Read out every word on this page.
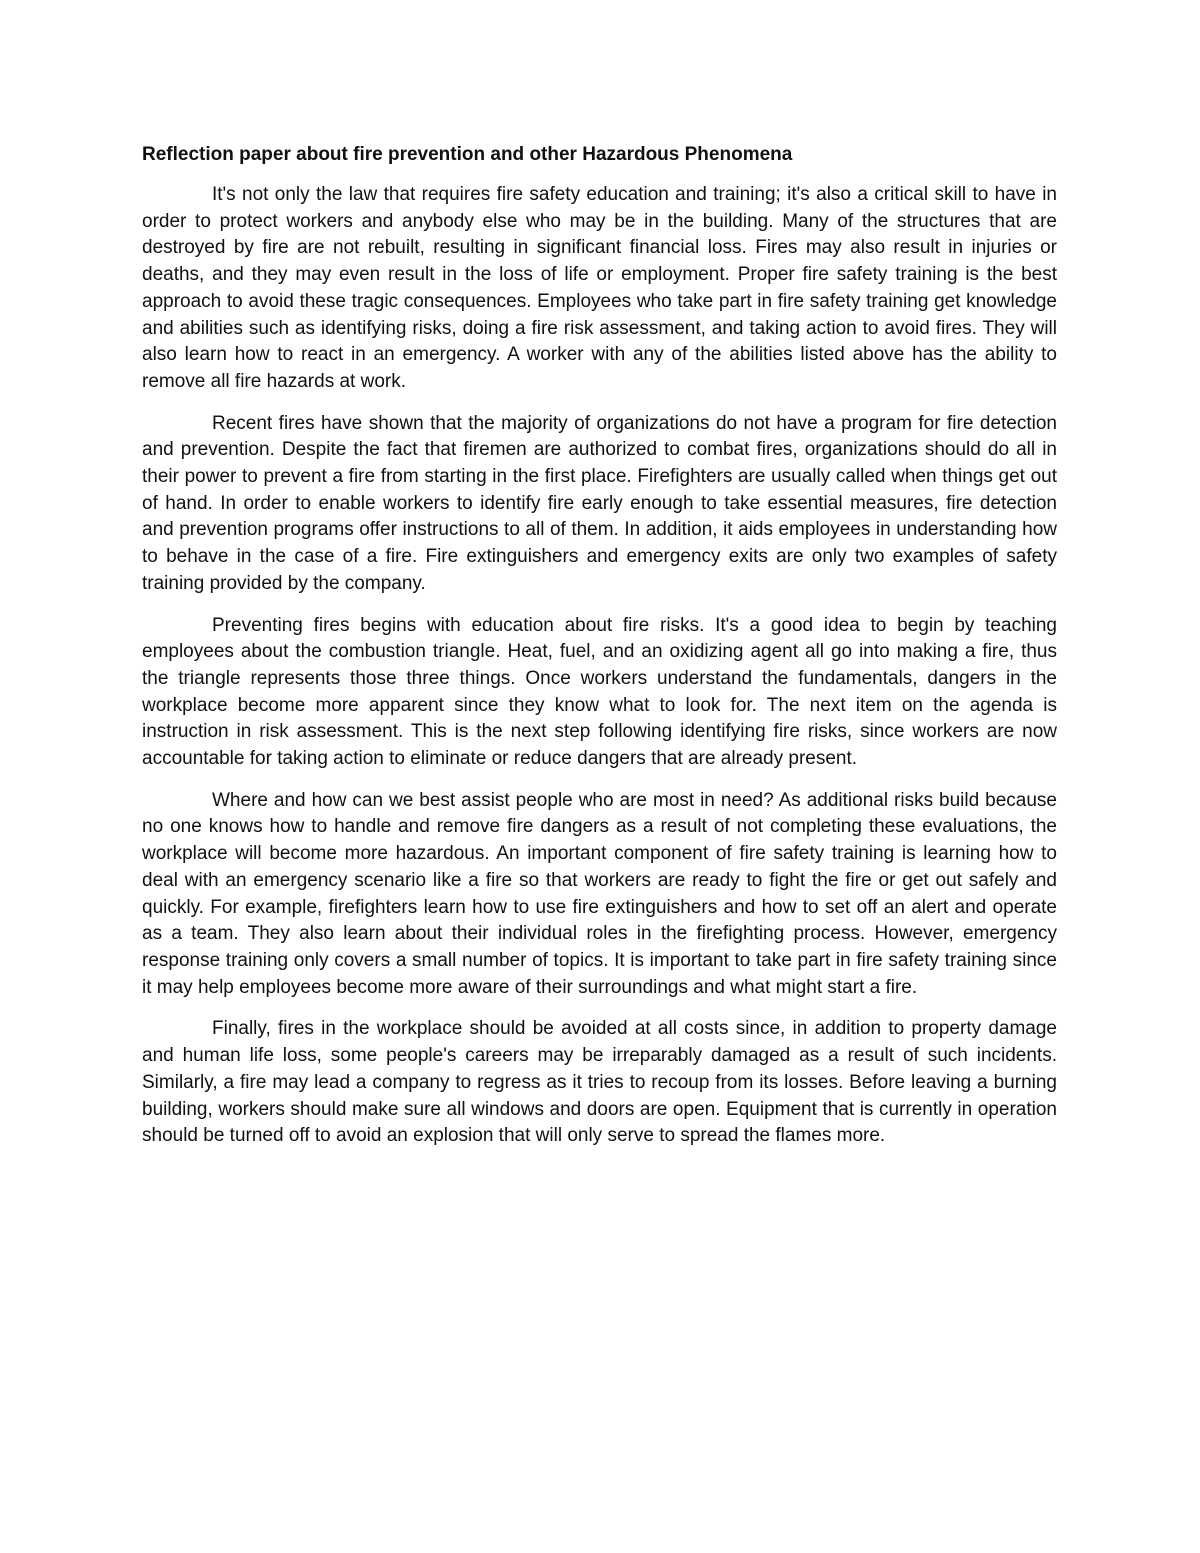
Reflection paper about fire prevention and other Hazardous Phenomena

It's not only the law that requires fire safety education and training; it's also a critical skill to have in order to protect workers and anybody else who may be in the building. Many of the structures that are destroyed by fire are not rebuilt, resulting in significant financial loss. Fires may also result in injuries or deaths, and they may even result in the loss of life or employment. Proper fire safety training is the best approach to avoid these tragic consequences. Employees who take part in fire safety training get knowledge and abilities such as identifying risks, doing a fire risk assessment, and taking action to avoid fires. They will also learn how to react in an emergency. A worker with any of the abilities listed above has the ability to remove all fire hazards at work.

Recent fires have shown that the majority of organizations do not have a program for fire detection and prevention. Despite the fact that firemen are authorized to combat fires, organizations should do all in their power to prevent a fire from starting in the first place. Firefighters are usually called when things get out of hand. In order to enable workers to identify fire early enough to take essential measures, fire detection and prevention programs offer instructions to all of them. In addition, it aids employees in understanding how to behave in the case of a fire. Fire extinguishers and emergency exits are only two examples of safety training provided by the company.

Preventing fires begins with education about fire risks. It's a good idea to begin by teaching employees about the combustion triangle. Heat, fuel, and an oxidizing agent all go into making a fire, thus the triangle represents those three things. Once workers understand the fundamentals, dangers in the workplace become more apparent since they know what to look for. The next item on the agenda is instruction in risk assessment. This is the next step following identifying fire risks, since workers are now accountable for taking action to eliminate or reduce dangers that are already present.

Where and how can we best assist people who are most in need? As additional risks build because no one knows how to handle and remove fire dangers as a result of not completing these evaluations, the workplace will become more hazardous. An important component of fire safety training is learning how to deal with an emergency scenario like a fire so that workers are ready to fight the fire or get out safely and quickly. For example, firefighters learn how to use fire extinguishers and how to set off an alert and operate as a team. They also learn about their individual roles in the firefighting process. However, emergency response training only covers a small number of topics. It is important to take part in fire safety training since it may help employees become more aware of their surroundings and what might start a fire.

Finally, fires in the workplace should be avoided at all costs since, in addition to property damage and human life loss, some people's careers may be irreparably damaged as a result of such incidents. Similarly, a fire may lead a company to regress as it tries to recoup from its losses. Before leaving a burning building, workers should make sure all windows and doors are open. Equipment that is currently in operation should be turned off to avoid an explosion that will only serve to spread the flames more.
